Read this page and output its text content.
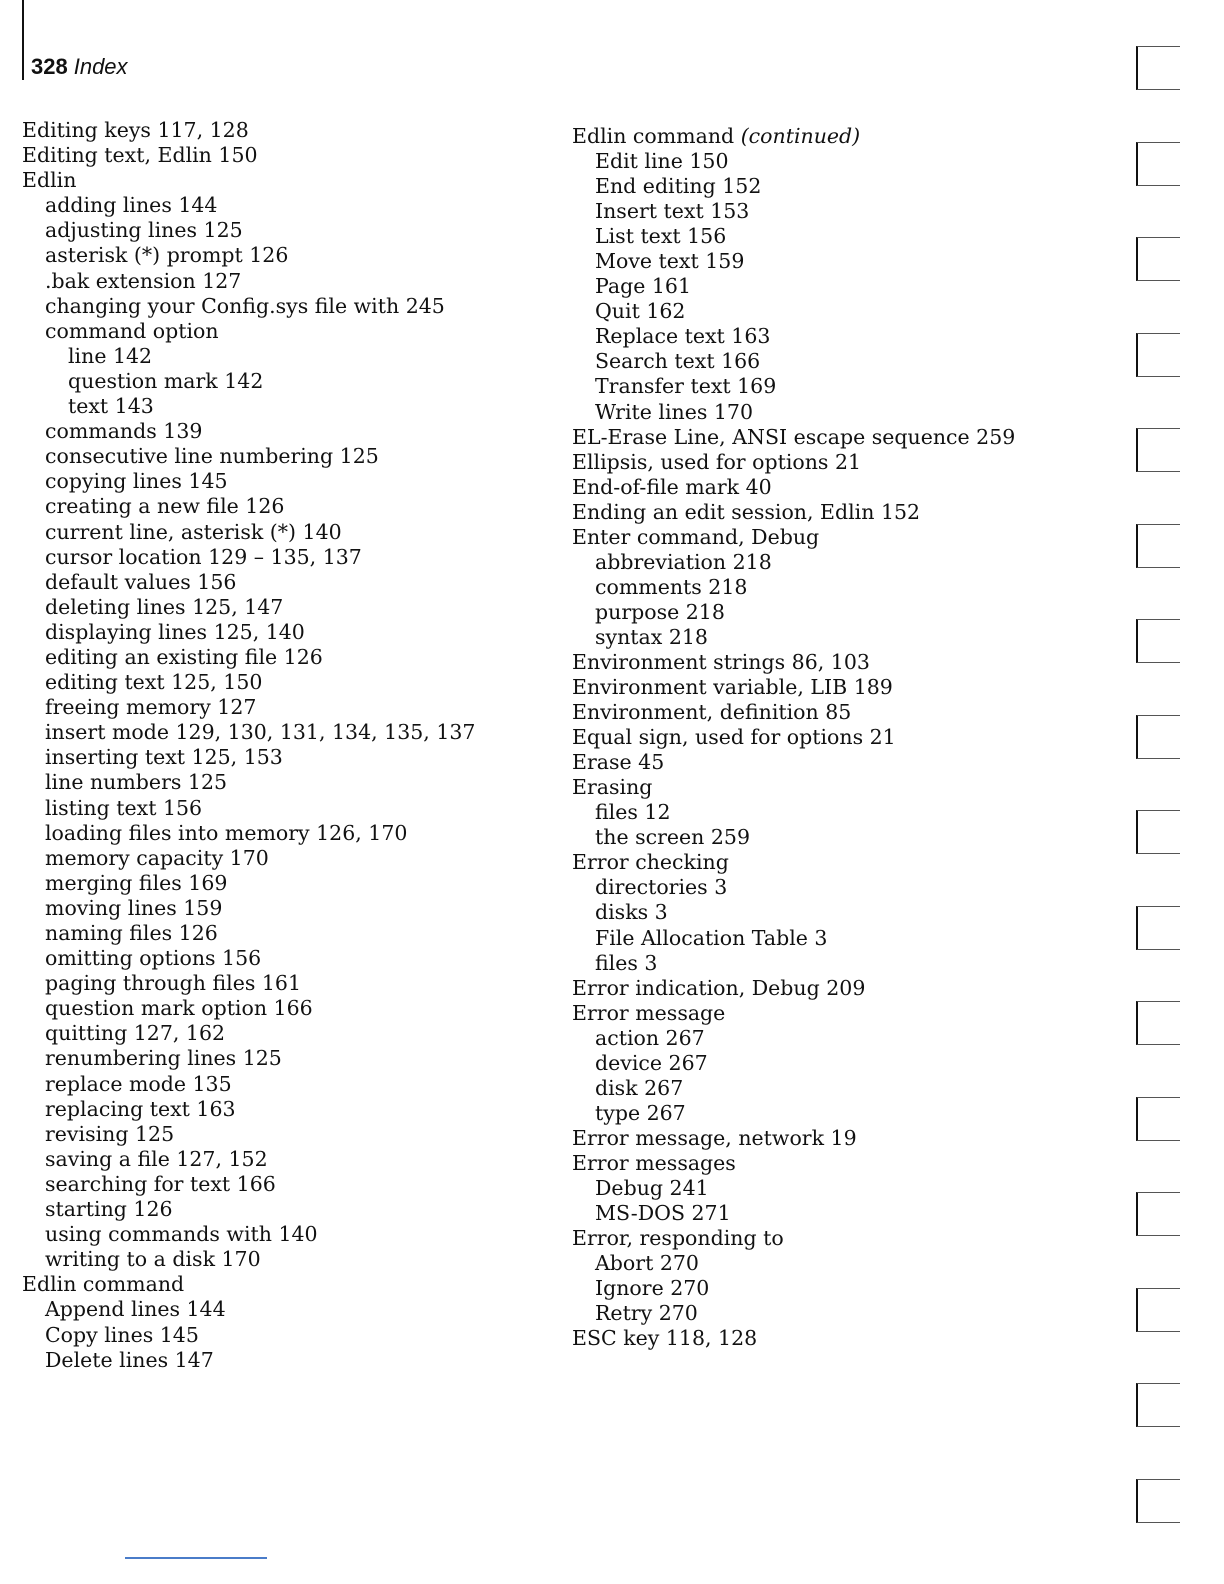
328 Index
Editing keys 117, 128
Editing text, Edlin 150
Edlin
adding lines 144
adjusting lines 125
asterisk (*) prompt 126
.bak extension 127
changing your Config.sys file with 245
command option
line 142
question mark 142
text 143
commands 139
consecutive line numbering 125
copying lines 145
creating a new file 126
current line, asterisk (*) 140
cursor location 129 – 135, 137
default values 156
deleting lines 125, 147
displaying lines 125, 140
editing an existing file 126
editing text 125, 150
freeing memory 127
insert mode 129, 130, 131, 134, 135, 137
inserting text 125, 153
line numbers 125
listing text 156
loading files into memory 126, 170
memory capacity 170
merging files 169
moving lines 159
naming files 126
omitting options 156
paging through files 161
question mark option 166
quitting 127, 162
renumbering lines 125
replace mode 135
replacing text 163
revising 125
saving a file 127, 152
searching for text 166
starting 126
using commands with 140
writing to a disk 170
Edlin command
Append lines 144
Copy lines 145
Delete lines 147
Edlin command (continued)
Edit line 150
End editing 152
Insert text 153
List text 156
Move text 159
Page 161
Quit 162
Replace text 163
Search text 166
Transfer text 169
Write lines 170
EL-Erase Line, ANSI escape sequence 259
Ellipsis, used for options 21
End-of-file mark 40
Ending an edit session, Edlin 152
Enter command, Debug
abbreviation 218
comments 218
purpose 218
syntax 218
Environment strings 86, 103
Environment variable, LIB 189
Environment, definition 85
Equal sign, used for options 21
Erase 45
Erasing
files 12
the screen 259
Error checking
directories 3
disks 3
File Allocation Table 3
files 3
Error indication, Debug 209
Error message
action 267
device 267
disk 267
type 267
Error message, network 19
Error messages
Debug 241
MS-DOS 271
Error, responding to
Abort 270
Ignore 270
Retry 270
ESC key 118, 128
